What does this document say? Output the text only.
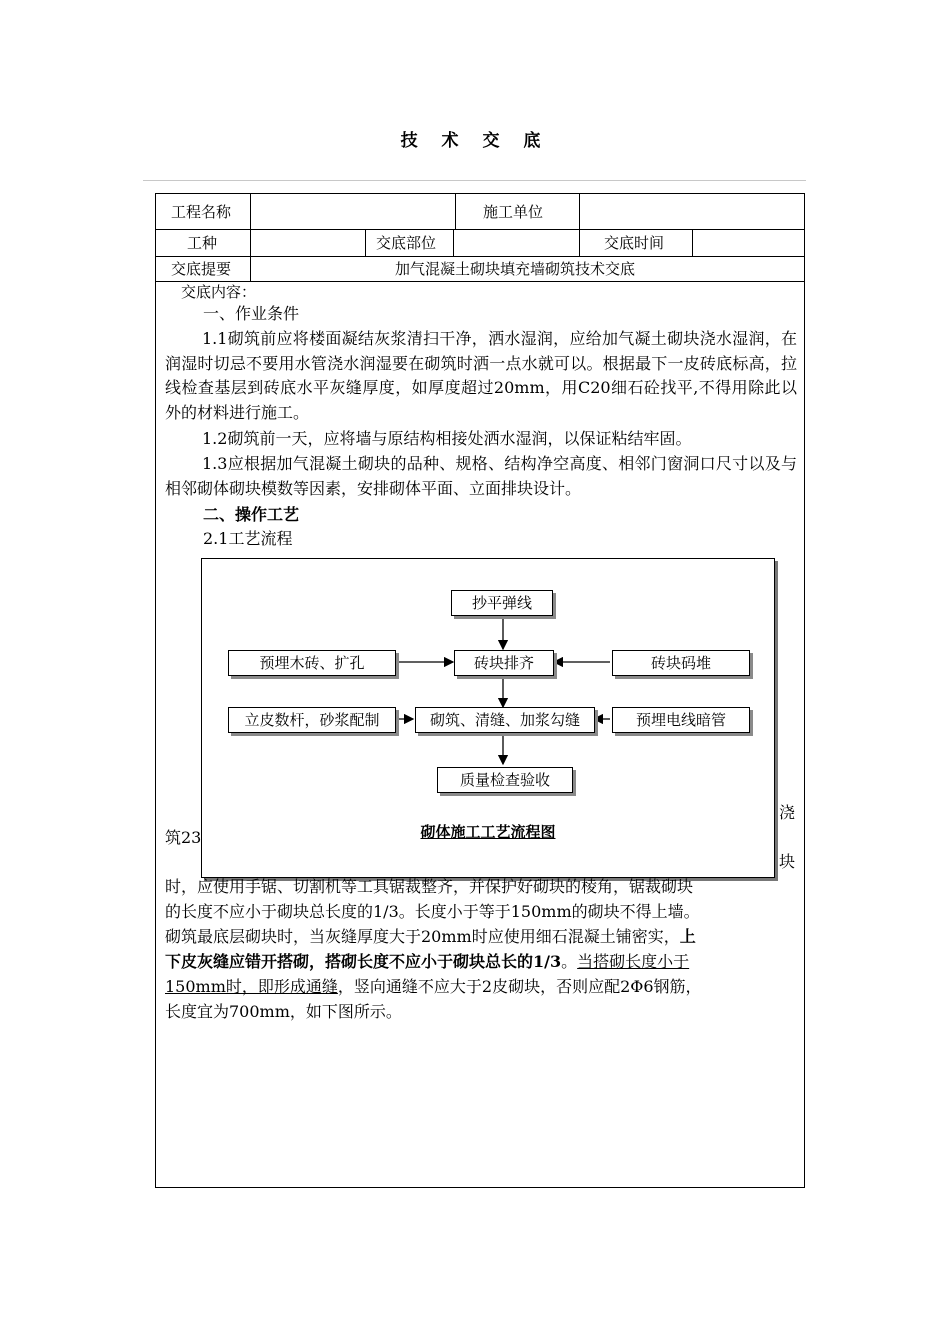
技 术 交 底
工程名称	施工单位
工种	交底部位	交底时间
交底提要	加气混凝土砌块填充墙砌筑技术交底
交底内容：
一、作业条件
1.1砌筑前应将楼面凝结灰浆清扫干净，洒水湿润，应给加气凝土砌块浇水湿润，在润湿时切忌不要用水管浇水润湿要在砌筑时洒一点水就可以。根据最下一皮砖底标高，拉线检查基层到砖底水平灰缝厚度，如厚度超过20mm，用C20细石砼找平,不得用除此以外的材料进行施工。
1.2砌筑前一天，应将墙与原结构相接处洒水湿润，以保证粘结牢固。
1.3应根据加气混凝土砌块的品种、规格、结构净空高度、相邻门窗洞口尺寸以及与相邻砌体砌块模数等因素，安排砌体平面、立面排块设计。
二、操作工艺
2.1工艺流程
浇
筑23
块
抄平弹线
预埋木砖、扩孔	砖块排齐	砖块码堆
立皮数杆，砂浆配制	砌筑、清缝、加浆勾缝	预埋电线暗管
质量检查验收
砌体施工工艺流程图
时，应使用手锯、切割机等工具锯裁整齐，并保护好砌块的棱角，锯裁砌块
的长度不应小于砌块总长度的1/3。长度小于等于150mm的砌块不得上墙。
砌筑最底层砌块时，当灰缝厚度大于20mm时应使用细石混凝土铺密实，上
下皮灰缝应错开搭砌，搭砌长度不应小于砌块总长的1/3。当搭砌长度小于
150mm时，即形成通缝，竖向通缝不应大于2皮砌块，否则应配2Φ6钢筋，
长度宜为700mm，如下图所示。
